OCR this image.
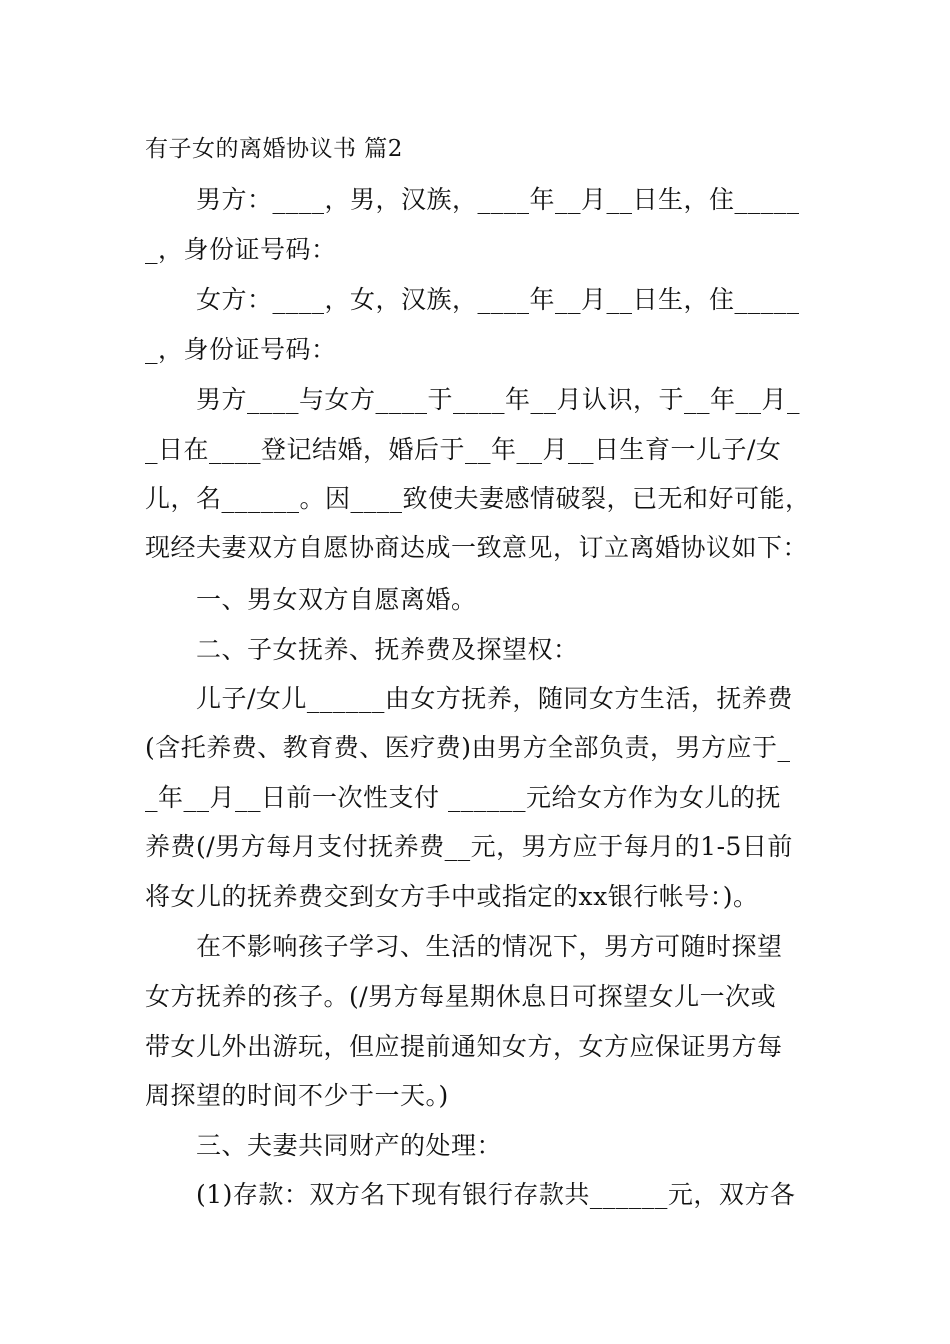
有子女的离婚协议书 篇2
男方：____，男，汉族，____年__月__日生，住_____
_，身份证号码：
女方：____，女，汉族，____年__月__日生，住_____
_，身份证号码：
男方____与女方____于____年__月认识，于__年__月_
_日在____登记结婚，婚后于__年__月__日生育一儿子/女
儿，名______。因____致使夫妻感情破裂，已无和好可能，
现经夫妻双方自愿协商达成一致意见，订立离婚协议如下：
一、男女双方自愿离婚。
二、子女抚养、抚养费及探望权：
儿子/女儿______由女方抚养，随同女方生活，抚养费
(含托养费、教育费、医疗费)由男方全部负责，男方应于_
_年__月__日前一次性支付 ______元给女方作为女儿的抚
养费(/男方每月支付抚养费__元，男方应于每月的1-5日前
将女儿的抚养费交到女方手中或指定的xx银行帐号：)。
在不影响孩子学习、生活的情况下，男方可随时探望
女方抚养的孩子。(/男方每星期休息日可探望女儿一次或
带女儿外出游玩，但应提前通知女方，女方应保证男方每
周探望的时间不少于一天。)
三、夫妻共同财产的处理：
(1)存款：双方名下现有银行存款共______元，双方各
